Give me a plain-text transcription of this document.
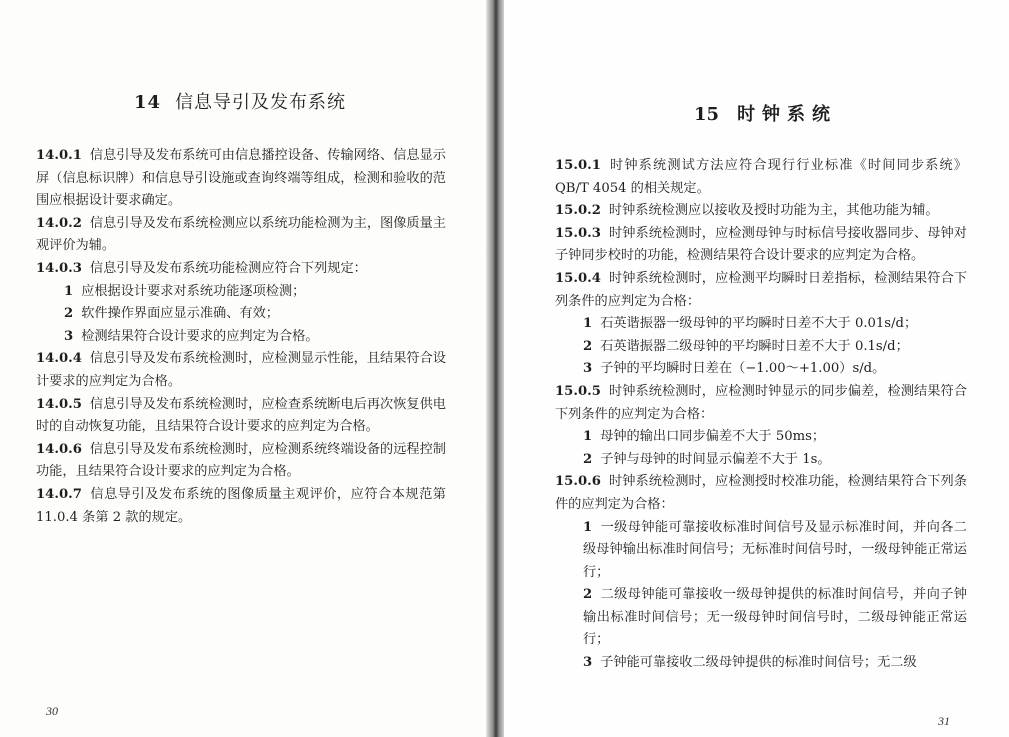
14 信息导引及发布系统

14.0.1 信息引导及发布系统可由信息播控设备、传输网络、信息显示屏（信息标识牌）和信息导引设施或查询终端等组成，检测和验收的范围应根据设计要求确定。

14.0.2 信息引导及发布系统检测应以系统功能检测为主，图像质量主观评价为辅。

14.0.3 信息引导及发布系统功能检测应符合下列规定：

1 应根据设计要求对系统功能逐项检测；

2 软件操作界面应显示准确、有效；

3 检测结果符合设计要求的应判定为合格。

14.0.4 信息引导及发布系统检测时，应检测显示性能，且结果符合设计要求的应判定为合格。

14.0.5 信息引导及发布系统检测时，应检查系统断电后再次恢复供电时的自动恢复功能，且结果符合设计要求的应判定为合格。

14.0.6 信息引导及发布系统检测时，应检测系统终端设备的远程控制功能，且结果符合设计要求的应判定为合格。

14.0.7 信息导引及发布系统的图像质量主观评价，应符合本规范第 11.0.4 条第 2 款的规定。

30
15 时钟系统

15.0.1 时钟系统测试方法应符合现行行业标准《时间同步系统》QB/T 4054 的相关规定。

15.0.2 时钟系统检测应以接收及授时功能为主，其他功能为辅。

15.0.3 时钟系统检测时，应检测母钟与时标信号接收器同步、母钟对子钟同步校时的功能，检测结果符合设计要求的应判定为合格。

15.0.4 时钟系统检测时，应检测平均瞬时日差指标，检测结果符合下列条件的应判定为合格：

1 石英谐振器一级母钟的平均瞬时日差不大于 0.01s/d；

2 石英谐振器二级母钟的平均瞬时日差不大于 0.1s/d；

3 子钟的平均瞬时日差在（−1.00～+1.00）s/d。

15.0.5 时钟系统检测时，应检测时钟显示的同步偏差，检测结果符合下列条件的应判定为合格：

1 母钟的输出口同步偏差不大于 50ms；

2 子钟与母钟的时间显示偏差不大于 1s。

15.0.6 时钟系统检测时，应检测授时校准功能，检测结果符合下列条件的应判定为合格：

1 一级母钟能可靠接收标准时间信号及显示标准时间，并向各二级母钟输出标准时间信号；无标准时间信号时，一级母钟能正常运行；

2 二级母钟能可靠接收一级母钟提供的标准时间信号，并向子钟输出标准时间信号；无一级母钟时间信号时，二级母钟能正常运行；

3 子钟能可靠接收二级母钟提供的标准时间信号；无二级

31
